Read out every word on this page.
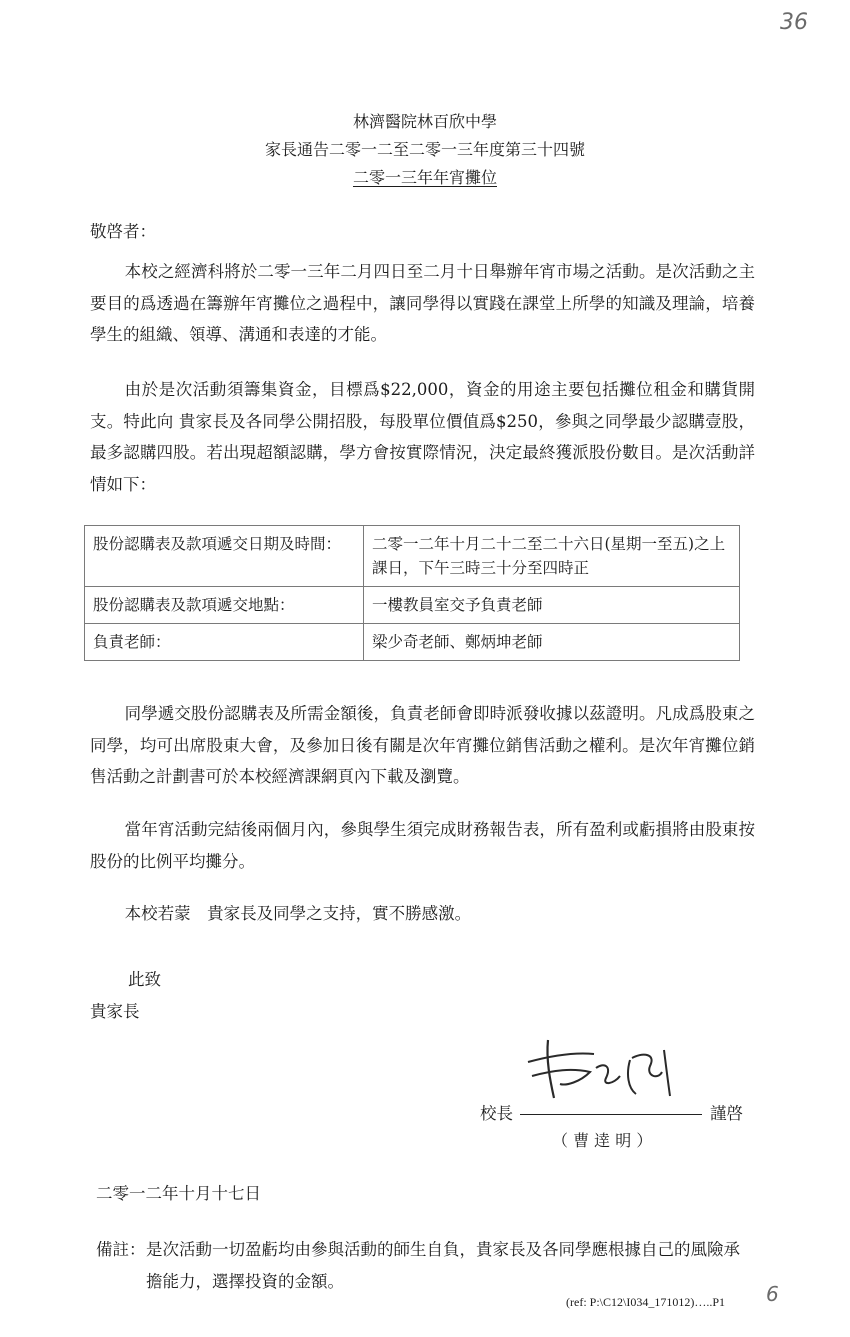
36
林濟醫院林百欣中學
家長通告二零一二至二零一三年度第三十四號
二零一三年年宵攤位
敬啓者：
本校之經濟科將於二零一三年二月四日至二月十日舉辦年宵市場之活動。是次活動之主要目的爲透過在籌辦年宵攤位之過程中，讓同學得以實踐在課堂上所學的知識及理論，培養學生的組織、領導、溝通和表達的才能。
由於是次活動須籌集資金，目標爲$22,000，資金的用途主要包括攤位租金和購貨開支。特此向 貴家長及各同學公開招股，每股單位價值爲$250，參與之同學最少認購壹股，最多認購四股。若出現超額認購，學方會按實際情況，決定最終獲派股份數目。是次活動詳情如下：
股份認購表及款項遞交日期及時間：	二零一二年十月二十二至二十六日(星期一至五)之上課日，下午三時三十分至四時正
股份認購表及款項遞交地點：	一樓教員室交予負責老師
負責老師：	梁少奇老師、鄭炳坤老師
同學遞交股份認購表及所需金額後，負責老師會即時派發收據以茲證明。凡成爲股東之同學，均可出席股東大會，及參加日後有關是次年宵攤位銷售活動之權利。是次年宵攤位銷售活動之計劃書可於本校經濟課網頁內下載及瀏覽。
當年宵活動完結後兩個月內，參與學生須完成財務報告表，所有盈利或虧損將由股東按股份的比例平均攤分。
本校若蒙　貴家長及同學之支持，實不勝感激。
此致
貴家長
校長	謹啓
（ 曹 逹 明 ）
二零一二年十月十七日
備註： 是次活動一切盈虧均由參與活動的師生自負，貴家長及各同學應根據自己的風險承
擔能力，選擇投資的金額。
(ref: P:\C12\I034_171012)…..P1 6
